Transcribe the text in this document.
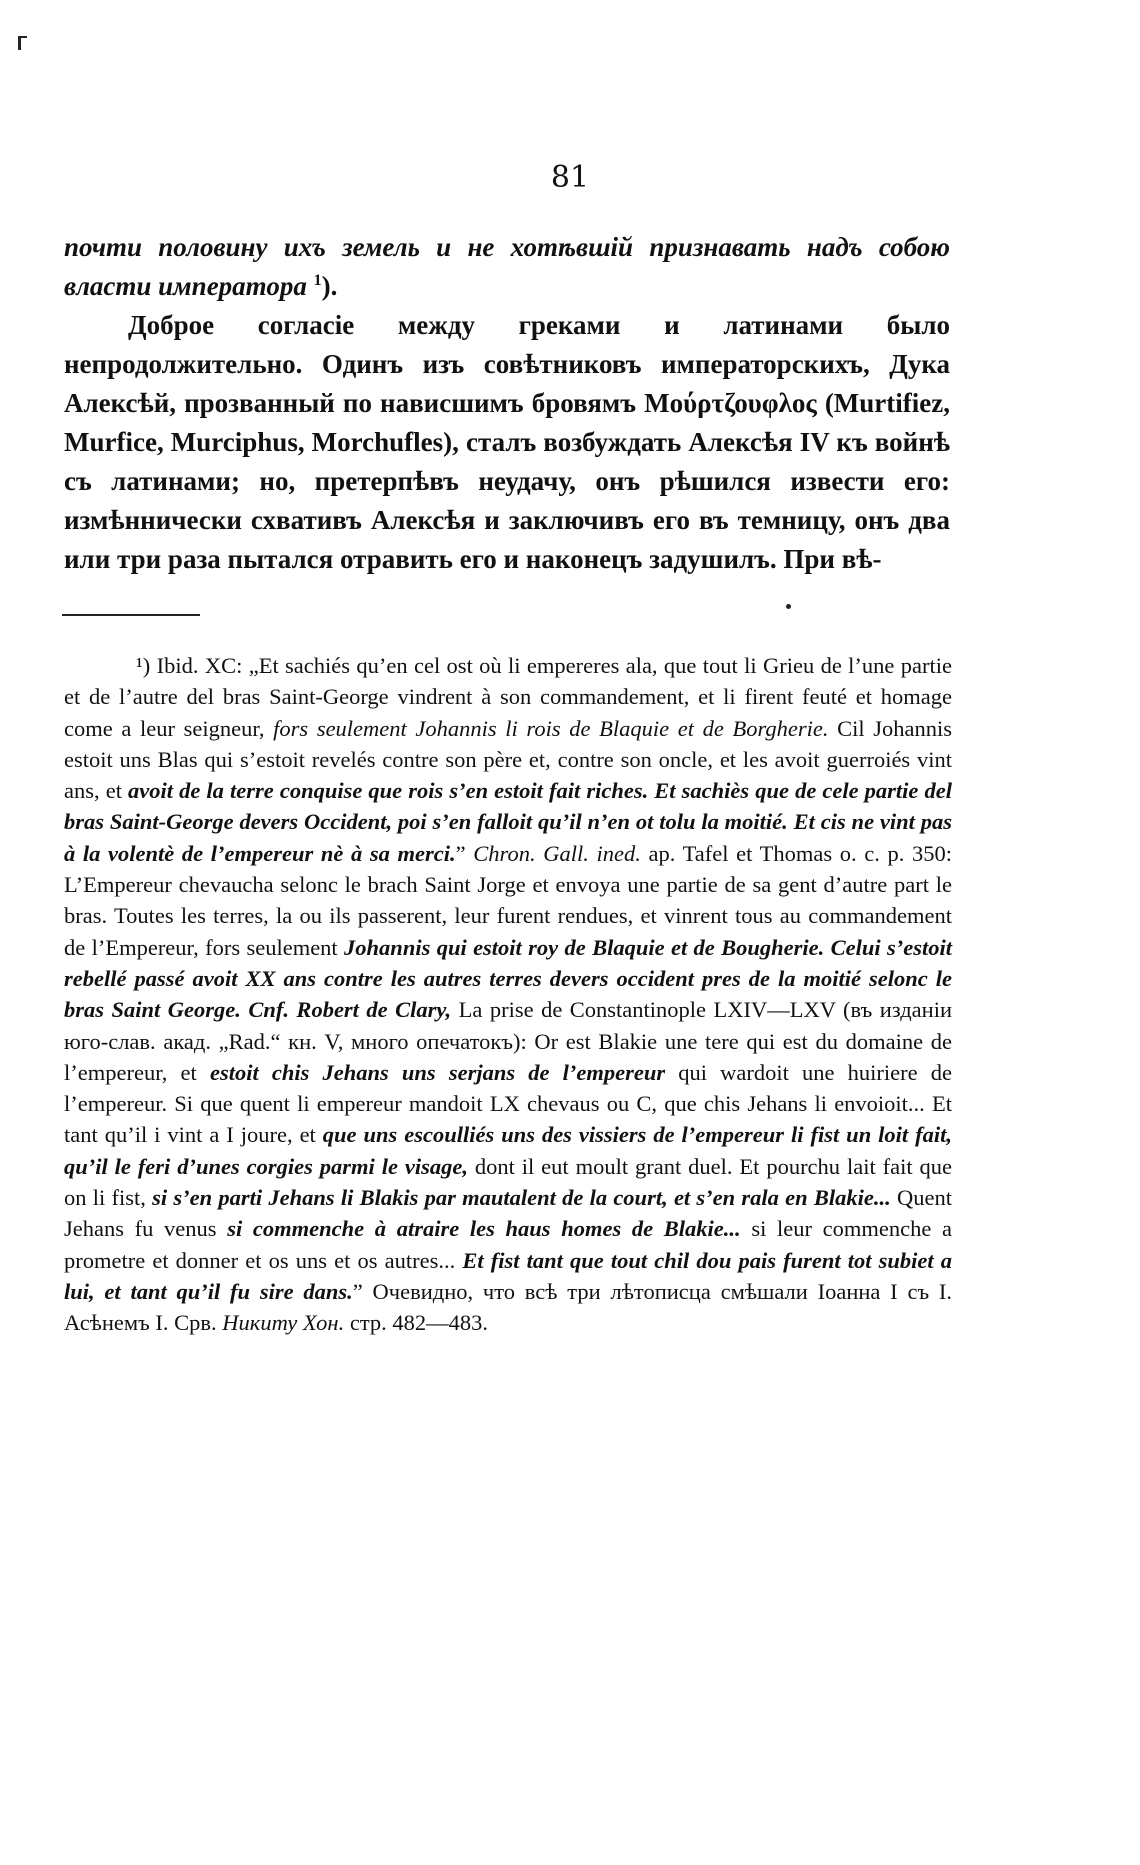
81

почти половину ихъ земель и не хотѣвшій признавать надъ собою власти императора $^1$).

Доброе согласіе между греками и латинами было непродолжительно. Одинъ изъ совѣтниковъ императорскихъ, Дука Алексѣй, прозванный по нависшимъ бровямъ Μούρτζουφλος (Murtifiez, Murfice, Murciphus, Morchufles), сталъ возбуждать Алексѣя IV къ войнѣ съ латинами; но, претерпѣвъ неудачу, онъ рѣшился извести его: измѣннически схвативъ Алексѣя и заключивъ его въ темницу, онъ два или три раза пытался отравить его и наконецъ задушилъ. При вѣ-

¹) Ibid. XC: „Et sachiés qu’en cel ost où li empereres ala, que tout li Grieu de l’une partie et de l’autre del bras Saint-George vindrent à son commandement, et li firent feuté et homage come a leur seigneur, fors seulement Johannis li rois de Blaquie et de Borgherie. Cil Johannis estoit uns Blas qui s’estoit revelés contre son père et, contre son oncle, et les avoit guerroiés vint ans, et avoit de la terre conquise que rois s’en estoit fait riches. Et sachiès que de cele partie del bras Saint-George devers Occident, poi s’en falloit qu’il n’en ot tolu la moitié. Et cis ne vint pas à la volentè de l’empereur nè à sa merci.” Chron. Gall. ined. ap. Tafel et Thomas o. c. p. 350: L’Empereur chevaucha selonc le brach Saint Jorge et envoya une partie de sa gent d’autre part le bras. Toutes les terres, la ou ils passerent, leur furent rendues, et vinrent tous au commandement de l’Empereur, fors seulement Johannis qui estoit roy de Blaquie et de Bougherie. Celui s’estoit rebellé passé avoit XX ans contre les autres terres devers occident pres de la moitié selonc le bras Saint George. Cnf. Robert de Clary, La prise de Constantinople LXIV—LXV (въ изданіи юго-слав. акад. „Rad.“ кн. V, много опечатокъ): Or est Blakie une tere qui est du domaine de l’empereur, et estoit chis Jehans uns serjans de l’empereur qui wardoit une huiriere de l’empereur. Si que quent li empereur mandoit LX chevaus ou C, que chis Jehans li envoioit... Et tant qu’il i vint a I joure, et que uns escoulliés uns des vissiers de l’empereur li fist un loit fait, qu’il le feri d’unes corgies parmi le visage, dont il eut moult grant duel. Et pourchu lait fait que on li fist, si s’en parti Jehans li Blakis par mautalent de la court, et s’en rala en Blakie... Quent Jehans fu venus si commenche à atraire les haus homes de Blakie... si leur commenche a prometre et donner et os uns et os autres... Et fist tant que tout chil dou pais furent tot subiet a lui, et tant qu’il fu sire dans.” Очевидно, что всѣ три лѣтописца смѣшали Іоанна I съ I. Асѣнемъ I. Срв. Никиту Хон. стр. 482—483.
